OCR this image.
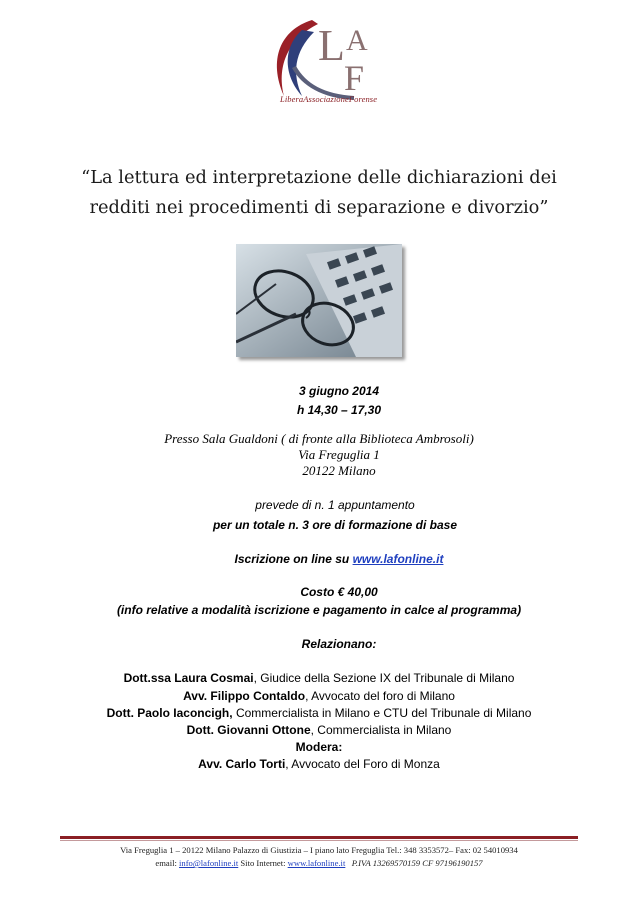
L A
F
LiberaAssociazioneForense
“La lettura ed interpretazione delle dichiarazioni dei
redditi nei procedimenti di separazione e divorzio”
3 giugno 2014
h 14,30 – 17,30
Presso Sala Gualdoni ( di fronte alla Biblioteca Ambrosoli)
Via Freguglia 1
20122 Milano
prevede di n. 1 appuntamento
per un totale n. 3 ore di formazione di base
Iscrizione on line su www.lafonline.it
Costo € 40,00
(info relative a modalità iscrizione e pagamento in calce al programma)
Relazionano:
Dott.ssa Laura Cosmai, Giudice della Sezione IX del Tribunale di Milano
Avv. Filippo Contaldo, Avvocato del foro di Milano
Dott. Paolo Iaconcigh, Commercialista in Milano e CTU del Tribunale di Milano
Dott. Giovanni Ottone, Commercialista in Milano
Modera:
Avv. Carlo Torti, Avvocato del Foro di Monza
Via Freguglia 1 – 20122 Milano Palazzo di Giustizia – I piano lato Freguglia Tel.: 348 3353572– Fax: 02 54010934
email: info@lafonline.it Sito Internet: www.lafonline.it   P.IVA 13269570159 CF 97196190157
